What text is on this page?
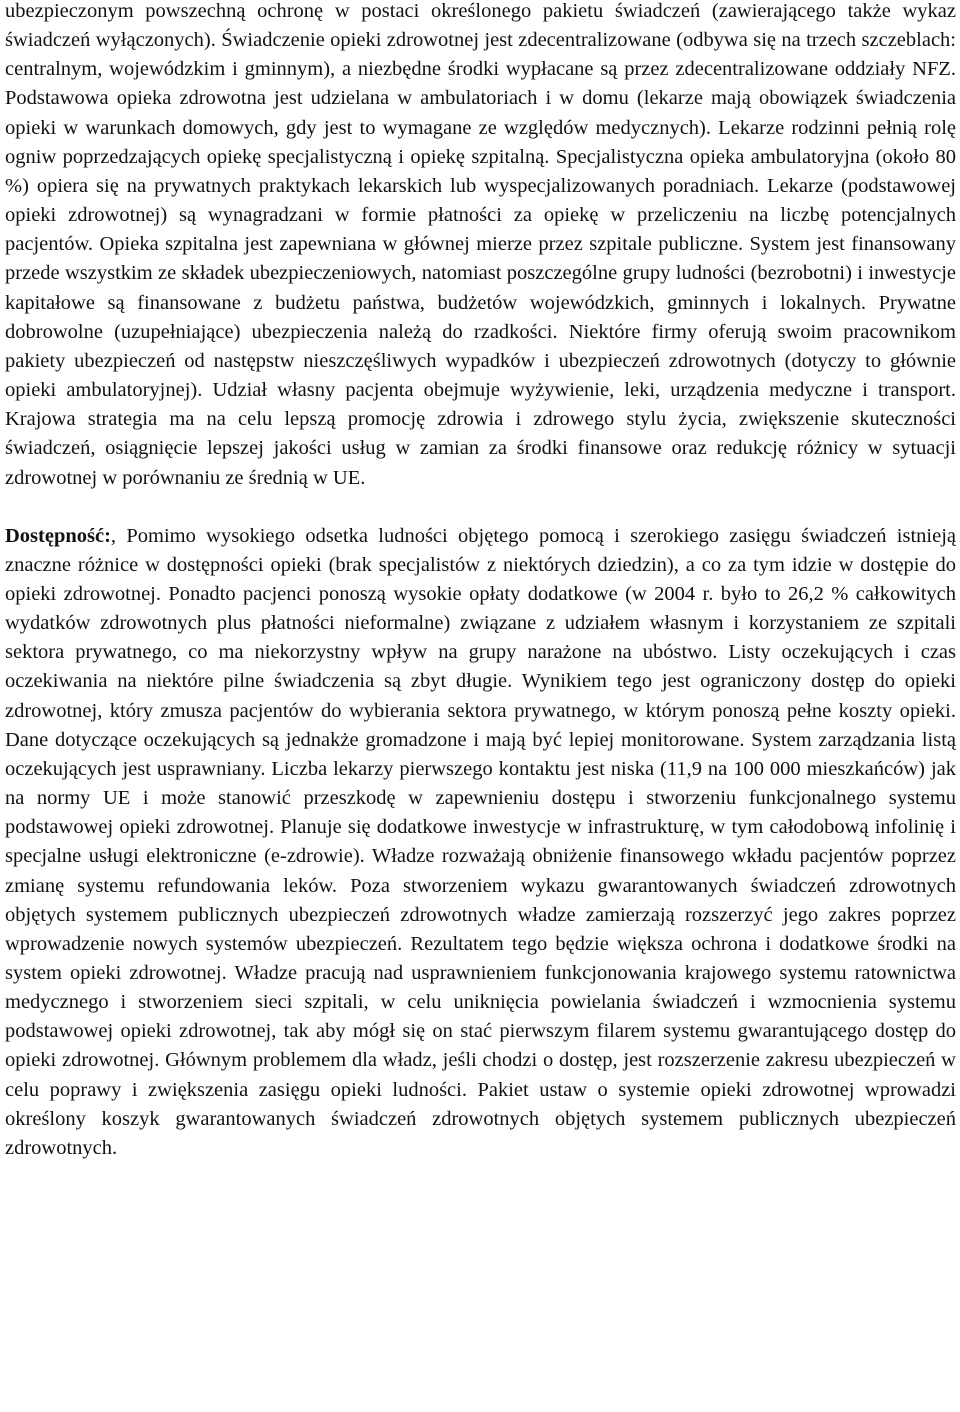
ubezpieczonym powszechną ochronę w postaci określonego pakietu świadczeń (zawierającego także wykaz świadczeń wyłączonych). Świadczenie opieki zdrowotnej jest zdecentralizowane (odbywa się na trzech szczeblach: centralnym, wojewódzkim i gminnym), a niezbędne środki wypłacane są przez zdecentralizowane oddziały NFZ. Podstawowa opieka zdrowotna jest udzielana w ambulatoriach i w domu (lekarze mają obowiązek świadczenia opieki w warunkach domowych, gdy jest to wymagane ze względów medycznych). Lekarze rodzinni pełnią rolę ogniw poprzedzających opiekę specjalistyczną i opiekę szpitalną. Specjalistyczna opieka ambulatoryjna (około 80 %) opiera się na prywatnych praktykach lekarskich lub wyspecjalizowanych poradniach. Lekarze (podstawowej opieki zdrowotnej) są wynagradzani w formie płatności za opiekę w przeliczeniu na liczbę potencjalnych pacjentów. Opieka szpitalna jest zapewniana w głównej mierze przez szpitale publiczne. System jest finansowany przede wszystkim ze składek ubezpieczeniowych, natomiast poszczególne grupy ludności (bezrobotni) i inwestycje kapitałowe są finansowane z budżetu państwa, budżetów wojewódzkich, gminnych i lokalnych. Prywatne dobrowolne (uzupełniające) ubezpieczenia należą do rzadkości. Niektóre firmy oferują swoim pracownikom pakiety ubezpieczeń od następstw nieszczęśliwych wypadków i ubezpieczeń zdrowotnych (dotyczy to głównie opieki ambulatoryjnej). Udział własny pacjenta obejmuje wyżywienie, leki, urządzenia medyczne i transport. Krajowa strategia ma na celu lepszą promocję zdrowia i zdrowego stylu życia, zwiększenie skuteczności świadczeń, osiągnięcie lepszej jakości usług w zamian za środki finansowe oraz redukcję różnicy w sytuacji zdrowotnej w porównaniu ze średnią w UE.

Dostępność:, Pomimo wysokiego odsetka ludności objętego pomocą i szerokiego zasięgu świadczeń istnieją znaczne różnice w dostępności opieki (brak specjalistów z niektórych dziedzin), a co za tym idzie w dostępie do opieki zdrowotnej. Ponadto pacjenci ponoszą wysokie opłaty dodatkowe (w 2004 r. było to 26,2 % całkowitych wydatków zdrowotnych plus płatności nieformalne) związane z udziałem własnym i korzystaniem ze szpitali sektora prywatnego, co ma niekorzystny wpływ na grupy narażone na ubóstwo. Listy oczekujących i czas oczekiwania na niektóre pilne świadczenia są zbyt długie. Wynikiem tego jest ograniczony dostęp do opieki zdrowotnej, który zmusza pacjentów do wybierania sektora prywatnego, w którym ponoszą pełne koszty opieki. Dane dotyczące oczekujących są jednakże gromadzone i mają być lepiej monitorowane. System zarządzania listą oczekujących jest usprawniany. Liczba lekarzy pierwszego kontaktu jest niska (11,9 na 100 000 mieszkańców) jak na normy UE i może stanowić przeszkodę w zapewnieniu dostępu i stworzeniu funkcjonalnego systemu podstawowej opieki zdrowotnej. Planuje się dodatkowe inwestycje w infrastrukturę, w tym całodobową infolinię i specjalne usługi elektroniczne (e-zdrowie). Władze rozważają obniżenie finansowego wkładu pacjentów poprzez zmianę systemu refundowania leków. Poza stworzeniem wykazu gwarantowanych świadczeń zdrowotnych objętych systemem publicznych ubezpieczeń zdrowotnych władze zamierzają rozszerzyć jego zakres poprzez wprowadzenie nowych systemów ubezpieczeń. Rezultatem tego będzie większa ochrona i dodatkowe środki na system opieki zdrowotnej. Władze pracują nad usprawnieniem funkcjonowania krajowego systemu ratownictwa medycznego i stworzeniem sieci szpitali, w celu uniknięcia powielania świadczeń i wzmocnienia systemu podstawowej opieki zdrowotnej, tak aby mógł się on stać pierwszym filarem systemu gwarantującego dostęp do opieki zdrowotnej. Głównym problemem dla władz, jeśli chodzi o dostęp, jest rozszerzenie zakresu ubezpieczeń w celu poprawy i zwiększenia zasięgu opieki ludności. Pakiet ustaw o systemie opieki zdrowotnej wprowadzi określony koszyk gwarantowanych świadczeń zdrowotnych objętych systemem publicznych ubezpieczeń zdrowotnych.
